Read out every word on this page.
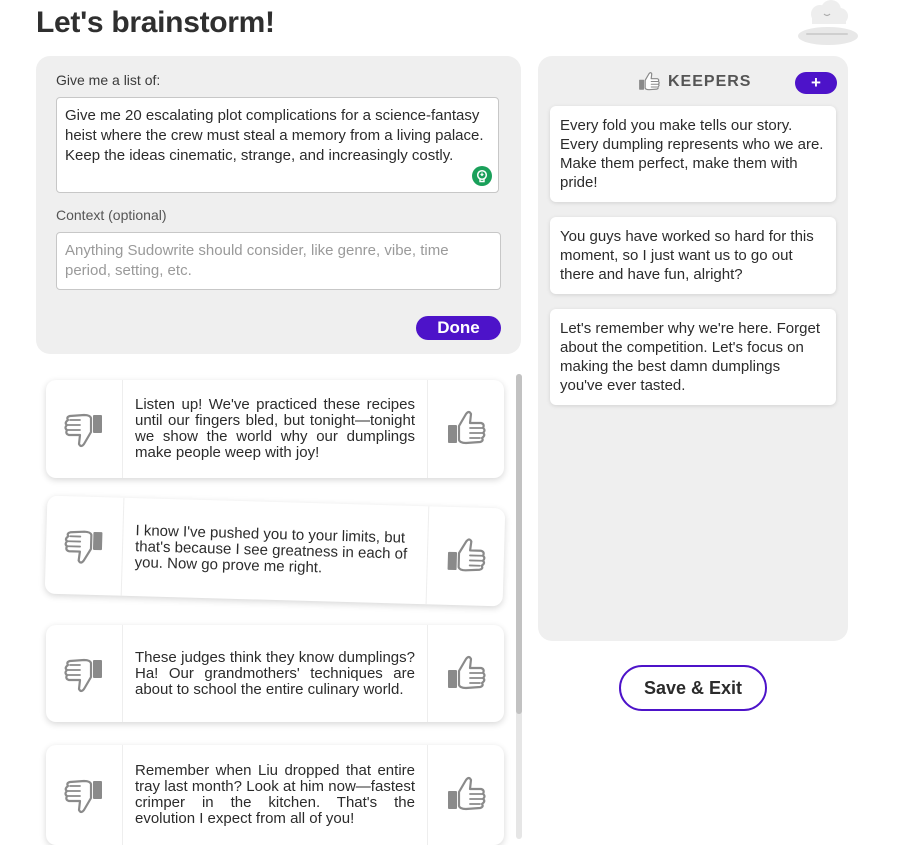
Let's brainstorm!
Give me a list of:
Give me 20 escalating plot complications for a science-fantasy heist where the crew must steal a memory from a living palace. Keep the ideas cinematic, strange, and increasingly costly.
Context (optional)
Anything Sudowrite should consider, like genre, vibe, time period, setting, etc.
Done
Listen up! We've practiced these recipes until our fingers bled, but tonight—tonight we show the world why our dumplings make people weep with joy!
I know I've pushed you to your limits, but that's because I see greatness in each of you. Now go prove me right.
These judges think they know dumplings? Ha! Our grandmothers' techniques are about to school the entire culinary world.
Remember when Liu dropped that entire tray last month? Look at him now—fastest crimper in the kitchen. That's the evolution I expect from all of you!
KEEPERS	+
Every fold you make tells our story. Every dumpling represents who we are. Make them perfect, make them with pride!
You guys have worked so hard for this moment, so I just want us to go out there and have fun, alright?
Let's remember why we're here. Forget about the competition. Let's focus on making the best damn dumplings you've ever tasted.
Save & Exit
